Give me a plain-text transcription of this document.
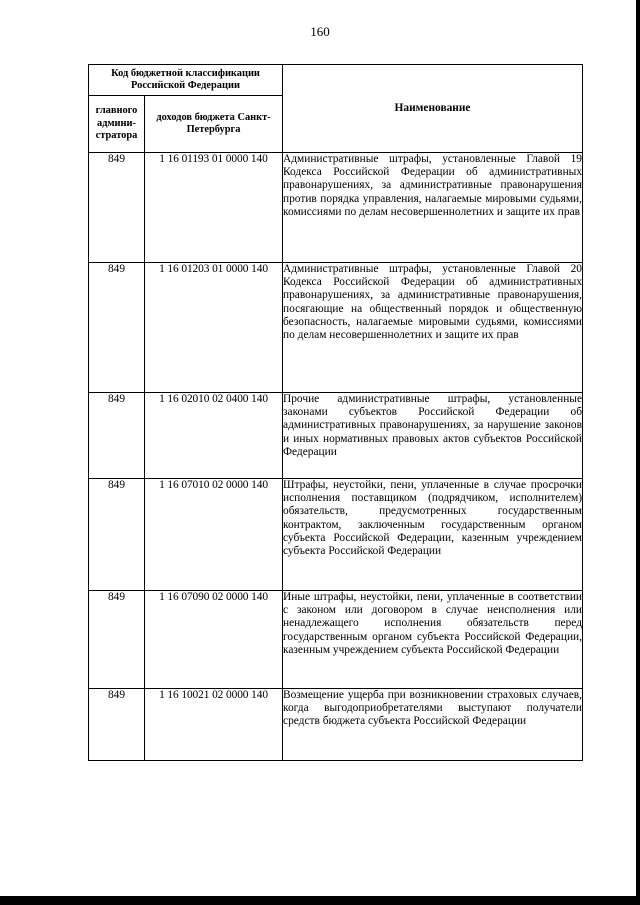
160
Код бюджетной классификации Российской Федерации		Наименование
главного админи-стратора	доходов бюджета Санкт-Петербурга	
849	1 16 01193 01 0000 140	Административные штрафы, установленные Главой 19 Кодекса Российской Федерации об административных правонарушениях, за административные правонарушения против порядка управления, налагаемые мировыми судьями, комиссиями по делам несовершеннолетних и защите их прав
849	1 16 01203 01 0000 140	Административные штрафы, установленные Главой 20 Кодекса Российской Федерации об административных правонарушениях, за административные правонарушения, посягающие на общественный порядок и общественную безопасность, налагаемые мировыми судьями, комиссиями по делам несовершеннолетних и защите их прав
849	1 16 02010 02 0400 140	Прочие административные штрафы, установленные законами субъектов Российской Федерации об административных правонарушениях, за нарушение законов и иных нормативных правовых актов субъектов Российской Федерации
849	1 16 07010 02 0000 140	Штрафы, неустойки, пени, уплаченные в случае просрочки исполнения поставщиком (подрядчиком, исполнителем) обязательств, предусмотренных государственным контрактом, заключенным государственным органом субъекта Российской Федерации, казенным учреждением субъекта Российской Федерации
849	1 16 07090 02 0000 140	Иные штрафы, неустойки, пени, уплаченные в соответствии с законом или договором в случае неисполнения или ненадлежащего исполнения обязательств перед государственным органом субъекта Российской Федерации, казенным учреждением субъекта Российской Федерации
849	1 16 10021 02 0000 140	Возмещение ущерба при возникновении страховых случаев, когда выгодоприобретателями выступают получатели средств бюджета субъекта Российской Федерации
